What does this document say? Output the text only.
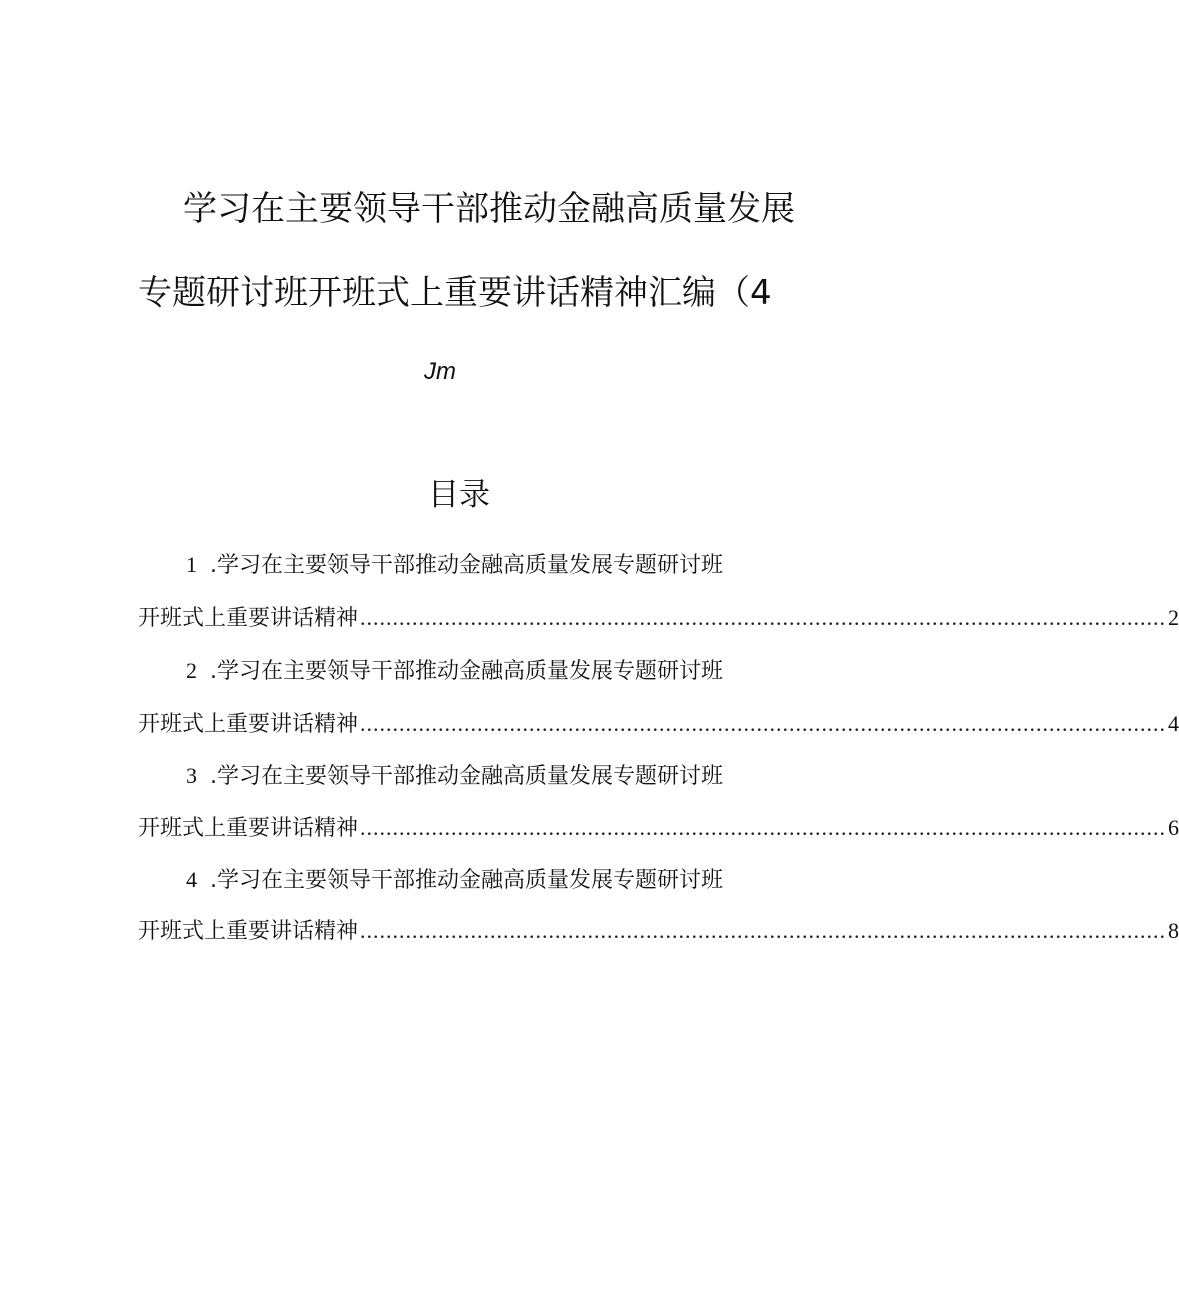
学习在主要领导干部推动金融高质量发展
专题研讨班开班式上重要讲话精神汇编（4
Jm
目录
1 .学习在主要领导干部推动金融高质量发展专题研讨班
开班式上重要讲话精神 ............................................................................................................................ 2
2 .学习在主要领导干部推动金融高质量发展专题研讨班
开班式上重要讲话精神 ............................................................................................................................ 4
3 .学习在主要领导干部推动金融高质量发展专题研讨班
开班式上重要讲话精神 ............................................................................................................................ 6
4 .学习在主要领导干部推动金融高质量发展专题研讨班
开班式上重要讲话精神 ............................................................................................................................ 8
